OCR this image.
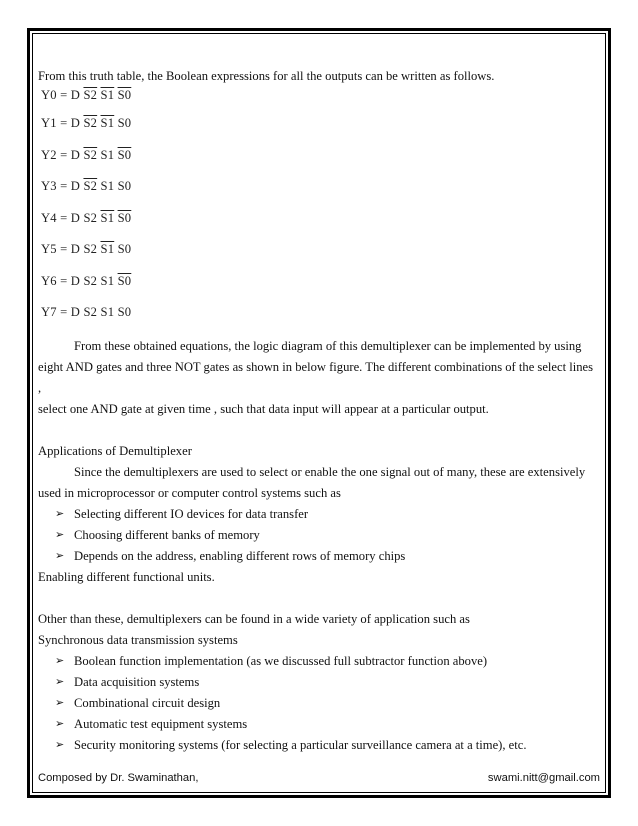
From this truth table, the Boolean expressions for all the outputs can be written as follows.

Y0 = D S2 S1 S0
Y1 = D S2 S1 S0
Y2 = D S2 S1 S0
Y3 = D S2 S1 S0
Y4 = D S2 S1 S0
Y5 = D S2 S1 S0
Y6 = D S2 S1 S0
Y7 = D S2 S1 S0

From these obtained equations, the logic diagram of this demultiplexer can be implemented by using

eight AND gates and three NOT gates as shown in below figure. The different combinations of the select lines ,

select one AND gate at given time , such that data input will appear at a particular output.

Applications of Demultiplexer

Since the demultiplexers are used to select or enable the one signal out of many, these are extensively

used in microprocessor or computer control systems such as

➢ Selecting different IO devices for data transfer
➢ Choosing different banks of memory
➢ Depends on the address, enabling different rows of memory chips

Enabling different functional units.

Other than these, demultiplexers can be found in a wide variety of application such as

Synchronous data transmission systems

➢ Boolean function implementation (as we discussed full subtractor function above)
➢ Data acquisition systems
➢ Combinational circuit design
➢ Automatic test equipment systems
➢ Security monitoring systems (for selecting a particular surveillance camera at a time), etc.
Composed by Dr. Swaminathan,	swami.nitt@gmail.com
